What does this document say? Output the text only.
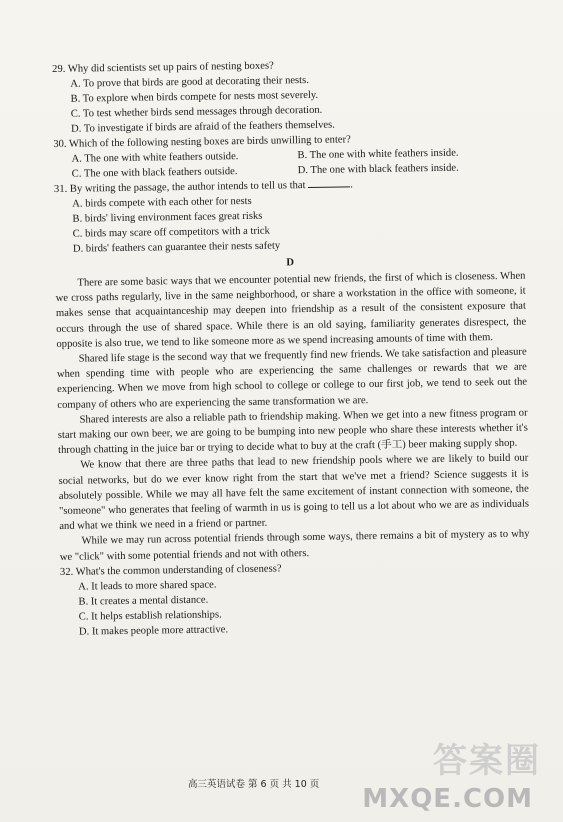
29. Why did scientists set up pairs of nesting boxes?

A. To prove that birds are good at decorating their nests.

B. To explore when birds compete for nests most severely.

C. To test whether birds send messages through decoration.

D. To investigate if birds are afraid of the feathers themselves.

30. Which of the following nesting boxes are birds unwilling to enter?

A. The one with white feathers outside.	B. The one with white feathers inside.

C. The one with black feathers outside.	D. The one with black feathers inside.

31. By writing the passage, the author intends to tell us that	.

A. birds compete with each other for nests

B. birds' living environment faces great risks

C. birds may scare off competitors with a trick

D. birds' feathers can guarantee their nests safety

D

There are some basic ways that we encounter potential new friends, the first of which is closeness. When we cross paths regularly, live in the same neighborhood, or share a workstation in the office with someone, it makes sense that acquaintanceship may deepen into friendship as a result of the consistent exposure that occurs through the use of shared space. While there is an old saying, familiarity generates disrespect, the opposite is also true, we tend to like someone more as we spend increasing amounts of time with them.

Shared life stage is the second way that we frequently find new friends. We take satisfaction and pleasure when spending time with people who are experiencing the same challenges or rewards that we are experiencing. When we move from high school to college or college to our first job, we tend to seek out the company of others who are experiencing the same transformation we are.

Shared interests are also a reliable path to friendship making. When we get into a new fitness program or start making our own beer, we are going to be bumping into new people who share these interests whether it's through chatting in the juice bar or trying to decide what to buy at the craft (手工) beer making supply shop.

We know that there are three paths that lead to new friendship pools where we are likely to build our social networks, but do we ever know right from the start that we've met a friend? Science suggests it is absolutely possible. While we may all have felt the same excitement of instant connection with someone, the "someone" who generates that feeling of warmth in us is going to tell us a lot about who we are as individuals and what we think we need in a friend or partner.

While we may run across potential friends through some ways, there remains a bit of mystery as to why we "click" with some potential friends and not with others.

32. What's the common understanding of closeness?

A. It leads to more shared space.

B. It creates a mental distance.

C. It helps establish relationships.

D. It makes people more attractive.

高三英语试卷 第 6 页 共 10 页
答案圈
MXQE.COM
